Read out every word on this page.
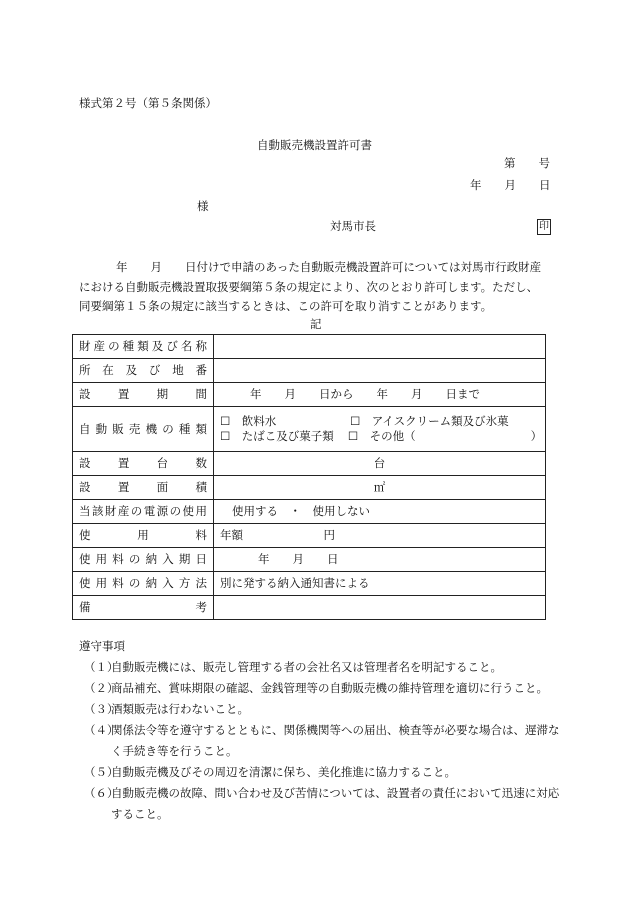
様式第２号（第５条関係）
自動販売機設置許可書
第　　号
年　　月　　日
様
対馬市長	印

年　　月　　日付けで申請のあった自動販売機設置許可については対馬市行政財産

における自動販売機設置取扱要綱第５条の規定により、次のとおり許可します。ただし、

同要綱第１５条の規定に該当するときは、この許可を取り消すことがあります。

記
財産の種類及び名称	
所在及び地番	
設置期間	年　　月　　日から　　年　　月　　日まで
自動販売機の種類	☐　飲料水 ☐　アイスクリーム類及び氷菓
☐　たばこ及び菓子類 ☐　その他（　　　　　　　　　　）

設置台数	台
設置面積	㎡
当該財産の電源の使用	使用する　・　使用しない
使用料	年額　　　　　　　円
使用料の納入期日	年　　月　　日
使用料の納入方法	別に発する納入通知書による
備考	

遵守事項

（１）自動販売機には、販売し管理する者の会社名又は管理者名を明記すること。

（２）商品補充、賞味期限の確認、金銭管理等の自動販売機の維持管理を適切に行うこと。

（３）酒類販売は行わないこと。

（４）関係法令等を遵守するとともに、関係機関等への届出、検査等が必要な場合は、遅滞なく手続き等を行うこと。

（５）自動販売機及びその周辺を清潔に保ち、美化推進に協力すること。

（６）自動販売機の故障、問い合わせ及び苦情については、設置者の責任において迅速に対応すること。
